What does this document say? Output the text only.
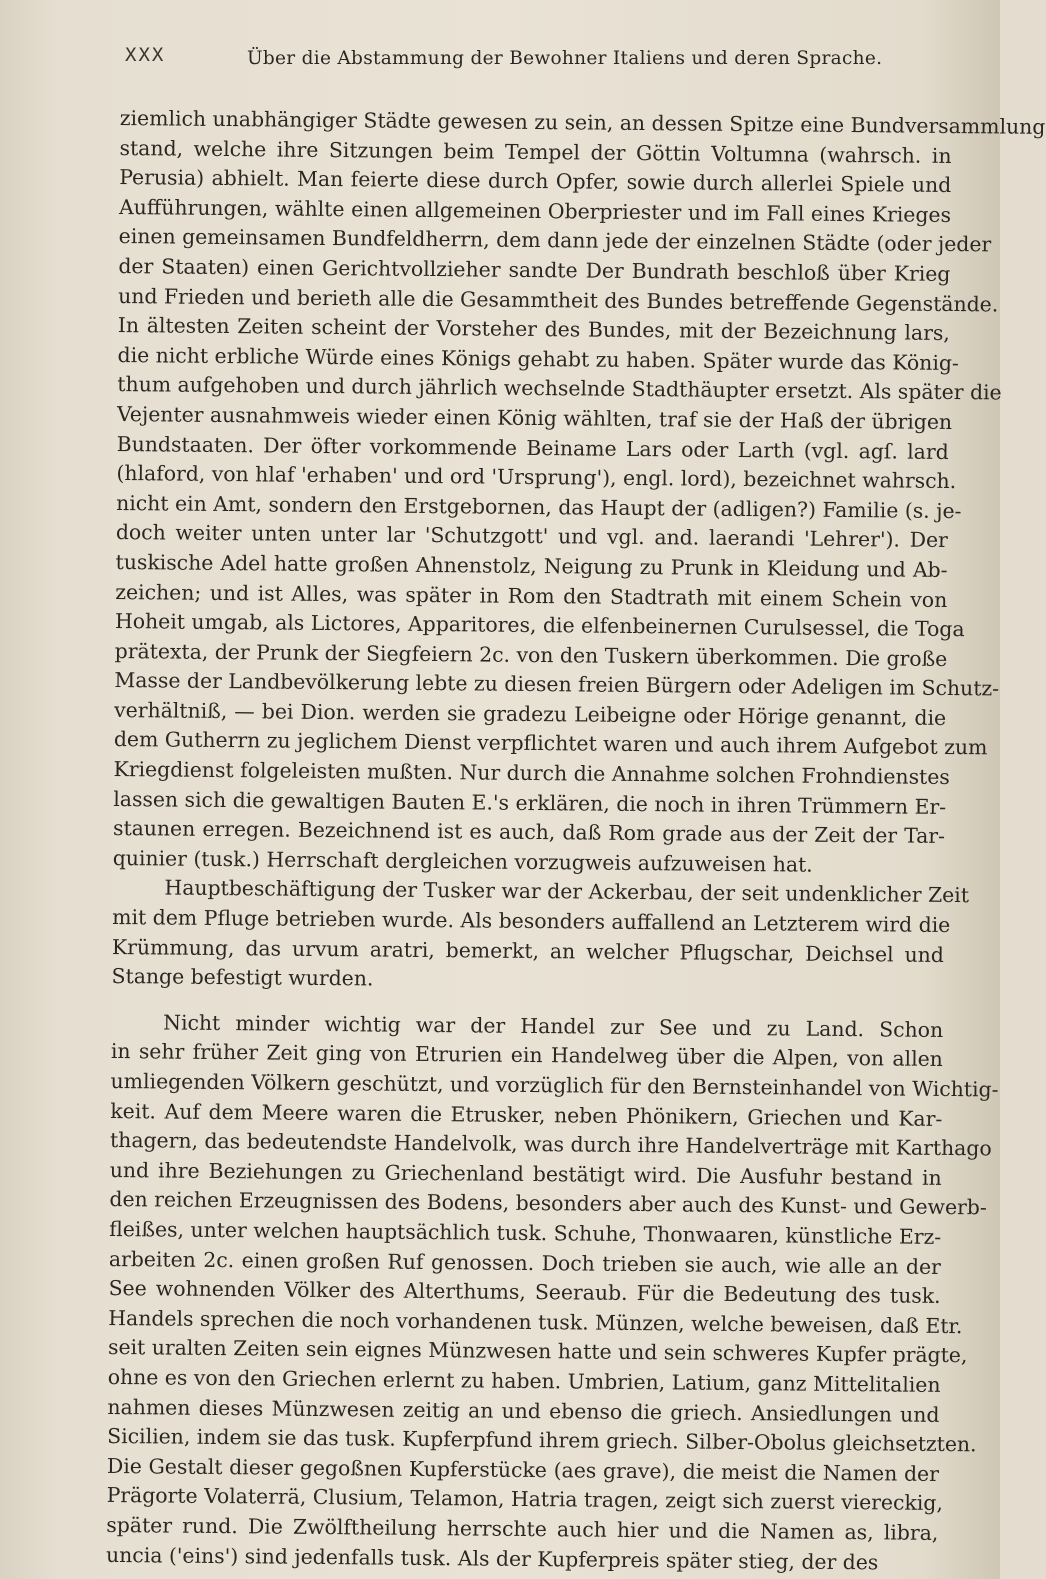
XXX	Über die Abstammung der Bewohner Italiens und deren Sprache.
ziemlich unabhängiger Städte gewesen zu sein, an dessen Spitze eine Bundversammlung
stand, welche ihre Sitzungen beim Tempel der Göttin Voltumna (wahrsch. in
Perusia) abhielt. Man feierte diese durch Opfer, sowie durch allerlei Spiele und
Aufführungen, wählte einen allgemeinen Oberpriester und im Fall eines Krieges
einen gemeinsamen Bundfeldherrn, dem dann jede der einzelnen Städte (oder jeder
der Staaten) einen Gerichtvollzieher sandte Der Bundrath beschloß über Krieg
und Frieden und berieth alle die Gesammtheit des Bundes betreffende Gegenstände.
In ältesten Zeiten scheint der Vorsteher des Bundes, mit der Bezeichnung lars,
die nicht erbliche Würde eines Königs gehabt zu haben. Später wurde das König-
thum aufgehoben und durch jährlich wechselnde Stadthäupter ersetzt. Als später die
Vejenter ausnahmweis wieder einen König wählten, traf sie der Haß der übrigen
Bundstaaten. Der öfter vorkommende Beiname Lars oder Larth (vgl. agſ. lard
(hlaford, von hlaf 'erhaben' und ord 'Ursprung'), engl. lord), bezeichnet wahrsch.
nicht ein Amt, sondern den Erstgebornen, das Haupt der (adligen?) Familie (s. je-
doch weiter unten unter lar 'Schutzgott' und vgl. and. laerandi 'Lehrer'). Der
tuskische Adel hatte großen Ahnenstolz, Neigung zu Prunk in Kleidung und Ab-
zeichen; und ist Alles, was später in Rom den Stadtrath mit einem Schein von
Hoheit umgab, als Lictores, Apparitores, die elfenbeinernen Curulsessel, die Toga
prätexta, der Prunk der Siegfeiern 2c. von den Tuskern überkommen. Die große
Masse der Landbevölkerung lebte zu diesen freien Bürgern oder Adeligen im Schutz-
verhältniß, — bei Dion. werden sie gradezu Leibeigne oder Hörige genannt, die
dem Gutherrn zu jeglichem Dienst verpflichtet waren und auch ihrem Aufgebot zum
Kriegdienst folgeleisten mußten. Nur durch die Annahme solchen Frohndienstes
lassen sich die gewaltigen Bauten E.'s erklären, die noch in ihren Trümmern Er-
staunen erregen. Bezeichnend ist es auch, daß Rom grade aus der Zeit der Tar-
quinier (tusk.) Herrschaft dergleichen vorzugweis aufzuweisen hat.
Hauptbeschäftigung der Tusker war der Ackerbau, der seit undenklicher Zeit
mit dem Pfluge betrieben wurde. Als besonders auffallend an Letzterem wird die
Krümmung, das urvum aratri, bemerkt, an welcher Pflugschar, Deichsel und
Stange befestigt wurden.
Nicht minder wichtig war der Handel zur See und zu Land. Schon
in sehr früher Zeit ging von Etrurien ein Handelweg über die Alpen, von allen
umliegenden Völkern geschützt, und vorzüglich für den Bernsteinhandel von Wichtig-
keit. Auf dem Meere waren die Etrusker, neben Phönikern, Griechen und Kar-
thagern, das bedeutendste Handelvolk, was durch ihre Handelverträge mit Karthago
und ihre Beziehungen zu Griechenland bestätigt wird. Die Ausfuhr bestand in
den reichen Erzeugnissen des Bodens, besonders aber auch des Kunst- und Gewerb-
fleißes, unter welchen hauptsächlich tusk. Schuhe, Thonwaaren, künstliche Erz-
arbeiten 2c. einen großen Ruf genossen. Doch trieben sie auch, wie alle an der
See wohnenden Völker des Alterthums, Seeraub. Für die Bedeutung des tusk.
Handels sprechen die noch vorhandenen tusk. Münzen, welche beweisen, daß Etr.
seit uralten Zeiten sein eignes Münzwesen hatte und sein schweres Kupfer prägte,
ohne es von den Griechen erlernt zu haben. Umbrien, Latium, ganz Mittelitalien
nahmen dieses Münzwesen zeitig an und ebenso die griech. Ansiedlungen und
Sicilien, indem sie das tusk. Kupferpfund ihrem griech. Silber-Obolus gleichsetzten.
Die Gestalt dieser gegoßnen Kupferstücke (aes grave), die meist die Namen der
Prägorte Volaterrä, Clusium, Telamon, Hatria tragen, zeigt sich zuerst viereckig,
später rund. Die Zwölftheilung herrschte auch hier und die Namen as, libra,
uncia ('eins') sind jedenfalls tusk. Als der Kupferpreis später stieg, der des
